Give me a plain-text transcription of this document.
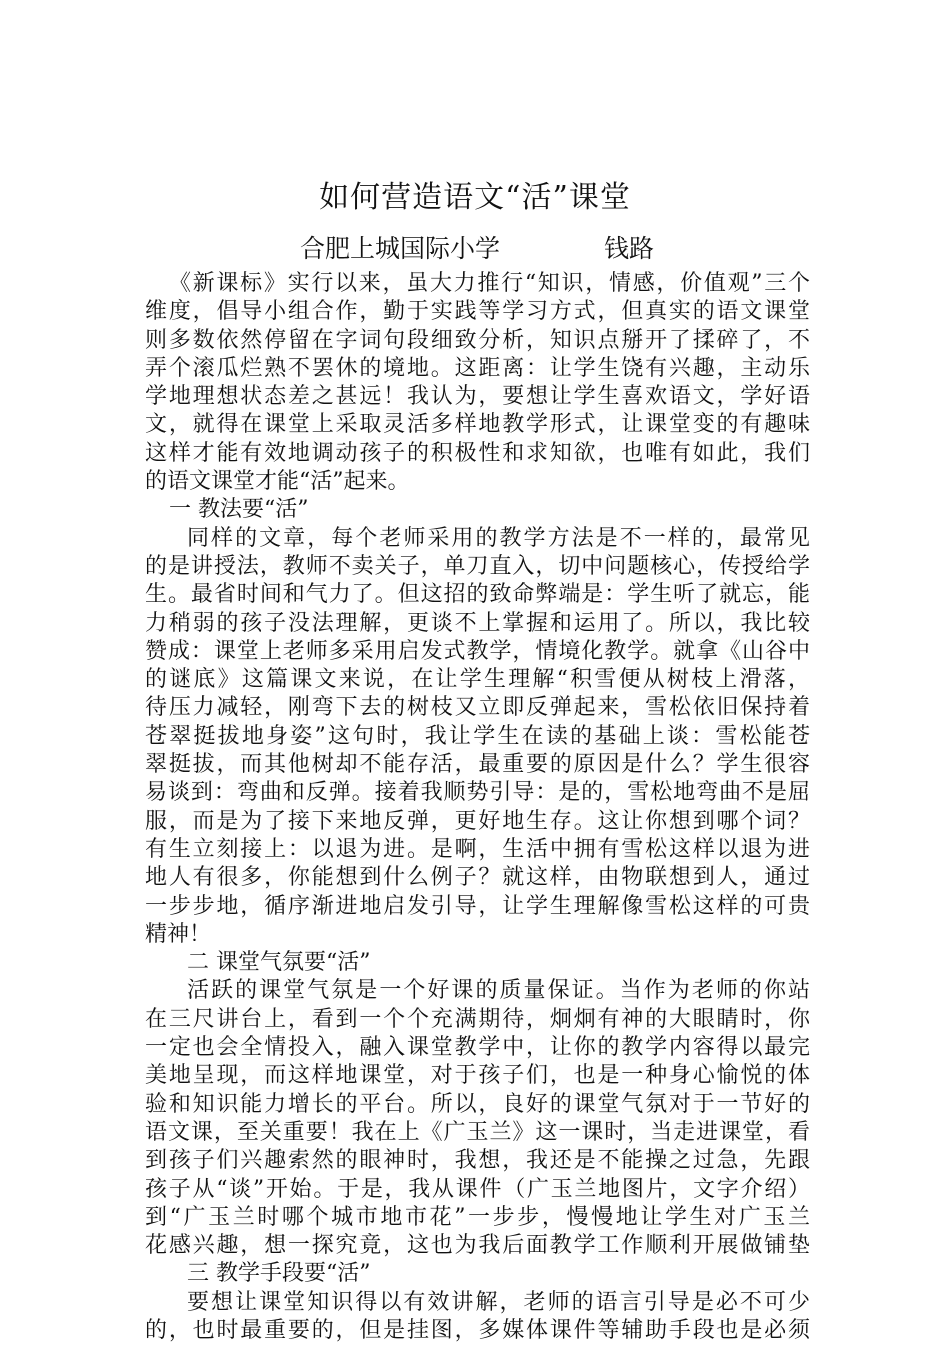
如何营造语文“活”课堂
合肥上城国际小学	钱路
《新课标》实行以来，虽大力推行“知识，情感，价值观”三个
维度，倡导小组合作，勤于实践等学习方式，但真实的语文课堂
则多数依然停留在字词句段细致分析，知识点掰开了揉碎了，不
弄个滚瓜烂熟不罢休的境地。这距离：让学生饶有兴趣，主动乐
学地理想状态差之甚远！我认为，要想让学生喜欢语文，学好语
文，就得在课堂上采取灵活多样地教学形式，让课堂变的有趣味
这样才能有效地调动孩子的积极性和求知欲，也唯有如此，我们
的语文课堂才能“活”起来。
一 教法要“活”
同样的文章，每个老师采用的教学方法是不一样的，最常见
的是讲授法，教师不卖关子，单刀直入，切中问题核心，传授给学
生。最省时间和气力了。但这招的致命弊端是：学生听了就忘，能
力稍弱的孩子没法理解，更谈不上掌握和运用了。所以，我比较
赞成：课堂上老师多采用启发式教学，情境化教学。就拿《山谷中
的谜底》这篇课文来说，在让学生理解“积雪便从树枝上滑落，
待压力减轻，刚弯下去的树枝又立即反弹起来，雪松依旧保持着
苍翠挺拔地身姿”这句时，我让学生在读的基础上谈：雪松能苍
翠挺拔，而其他树却不能存活，最重要的原因是什么？学生很容
易谈到：弯曲和反弹。接着我顺势引导：是的，雪松地弯曲不是屈
服，而是为了接下来地反弹，更好地生存。这让你想到哪个词？
有生立刻接上：以退为进。是啊，生活中拥有雪松这样以退为进
地人有很多，你能想到什么例子？就这样，由物联想到人，通过
一步步地，循序渐进地启发引导，让学生理解像雪松这样的可贵
精神！
二 课堂气氛要“活”
活跃的课堂气氛是一个好课的质量保证。当作为老师的你站
在三尺讲台上，看到一个个充满期待，炯炯有神的大眼睛时，你
一定也会全情投入，融入课堂教学中，让你的教学内容得以最完
美地呈现，而这样地课堂，对于孩子们，也是一种身心愉悦的体
验和知识能力增长的平台。所以，良好的课堂气氛对于一节好的
语文课，至关重要！我在上《广玉兰》这一课时，当走进课堂，看
到孩子们兴趣索然的眼神时，我想，我还是不能操之过急，先跟
孩子从“谈”开始。于是，我从课件（广玉兰地图片，文字介绍）
到“广玉兰时哪个城市地市花”一步步，慢慢地让学生对广玉兰
花感兴趣，想一探究竟，这也为我后面教学工作顺利开展做铺垫
三 教学手段要“活”
要想让课堂知识得以有效讲解，老师的语言引导是必不可少
的，也时最重要的，但是挂图，多媒体课件等辅助手段也是必须
